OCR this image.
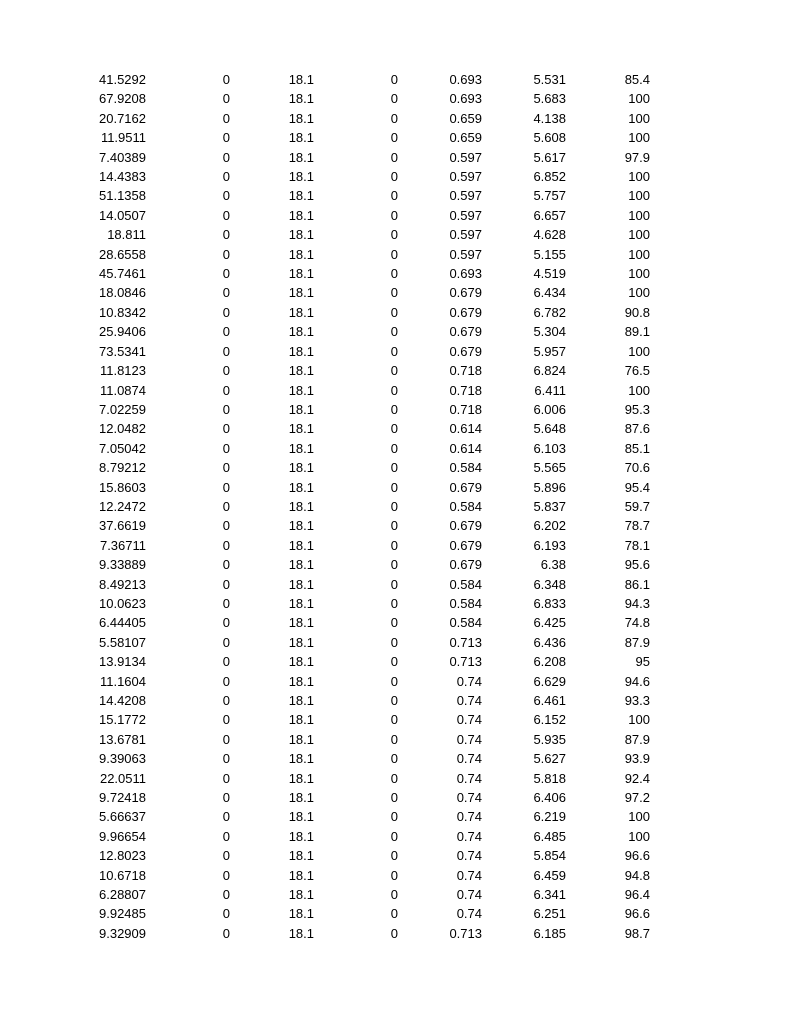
41.5292	0	18.1	0	0.693	5.531	85.4
67.9208	0	18.1	0	0.693	5.683	100
20.7162	0	18.1	0	0.659	4.138	100
11.9511	0	18.1	0	0.659	5.608	100
7.40389	0	18.1	0	0.597	5.617	97.9
14.4383	0	18.1	0	0.597	6.852	100
51.1358	0	18.1	0	0.597	5.757	100
14.0507	0	18.1	0	0.597	6.657	100
18.811	0	18.1	0	0.597	4.628	100
28.6558	0	18.1	0	0.597	5.155	100
45.7461	0	18.1	0	0.693	4.519	100
18.0846	0	18.1	0	0.679	6.434	100
10.8342	0	18.1	0	0.679	6.782	90.8
25.9406	0	18.1	0	0.679	5.304	89.1
73.5341	0	18.1	0	0.679	5.957	100
11.8123	0	18.1	0	0.718	6.824	76.5
11.0874	0	18.1	0	0.718	6.411	100
7.02259	0	18.1	0	0.718	6.006	95.3
12.0482	0	18.1	0	0.614	5.648	87.6
7.05042	0	18.1	0	0.614	6.103	85.1
8.79212	0	18.1	0	0.584	5.565	70.6
15.8603	0	18.1	0	0.679	5.896	95.4
12.2472	0	18.1	0	0.584	5.837	59.7
37.6619	0	18.1	0	0.679	6.202	78.7
7.36711	0	18.1	0	0.679	6.193	78.1
9.33889	0	18.1	0	0.679	6.38	95.6
8.49213	0	18.1	0	0.584	6.348	86.1
10.0623	0	18.1	0	0.584	6.833	94.3
6.44405	0	18.1	0	0.584	6.425	74.8
5.58107	0	18.1	0	0.713	6.436	87.9
13.9134	0	18.1	0	0.713	6.208	95
11.1604	0	18.1	0	0.74	6.629	94.6
14.4208	0	18.1	0	0.74	6.461	93.3
15.1772	0	18.1	0	0.74	6.152	100
13.6781	0	18.1	0	0.74	5.935	87.9
9.39063	0	18.1	0	0.74	5.627	93.9
22.0511	0	18.1	0	0.74	5.818	92.4
9.72418	0	18.1	0	0.74	6.406	97.2
5.66637	0	18.1	0	0.74	6.219	100
9.96654	0	18.1	0	0.74	6.485	100
12.8023	0	18.1	0	0.74	5.854	96.6
10.6718	0	18.1	0	0.74	6.459	94.8
6.28807	0	18.1	0	0.74	6.341	96.4
9.92485	0	18.1	0	0.74	6.251	96.6
9.32909	0	18.1	0	0.713	6.185	98.7
